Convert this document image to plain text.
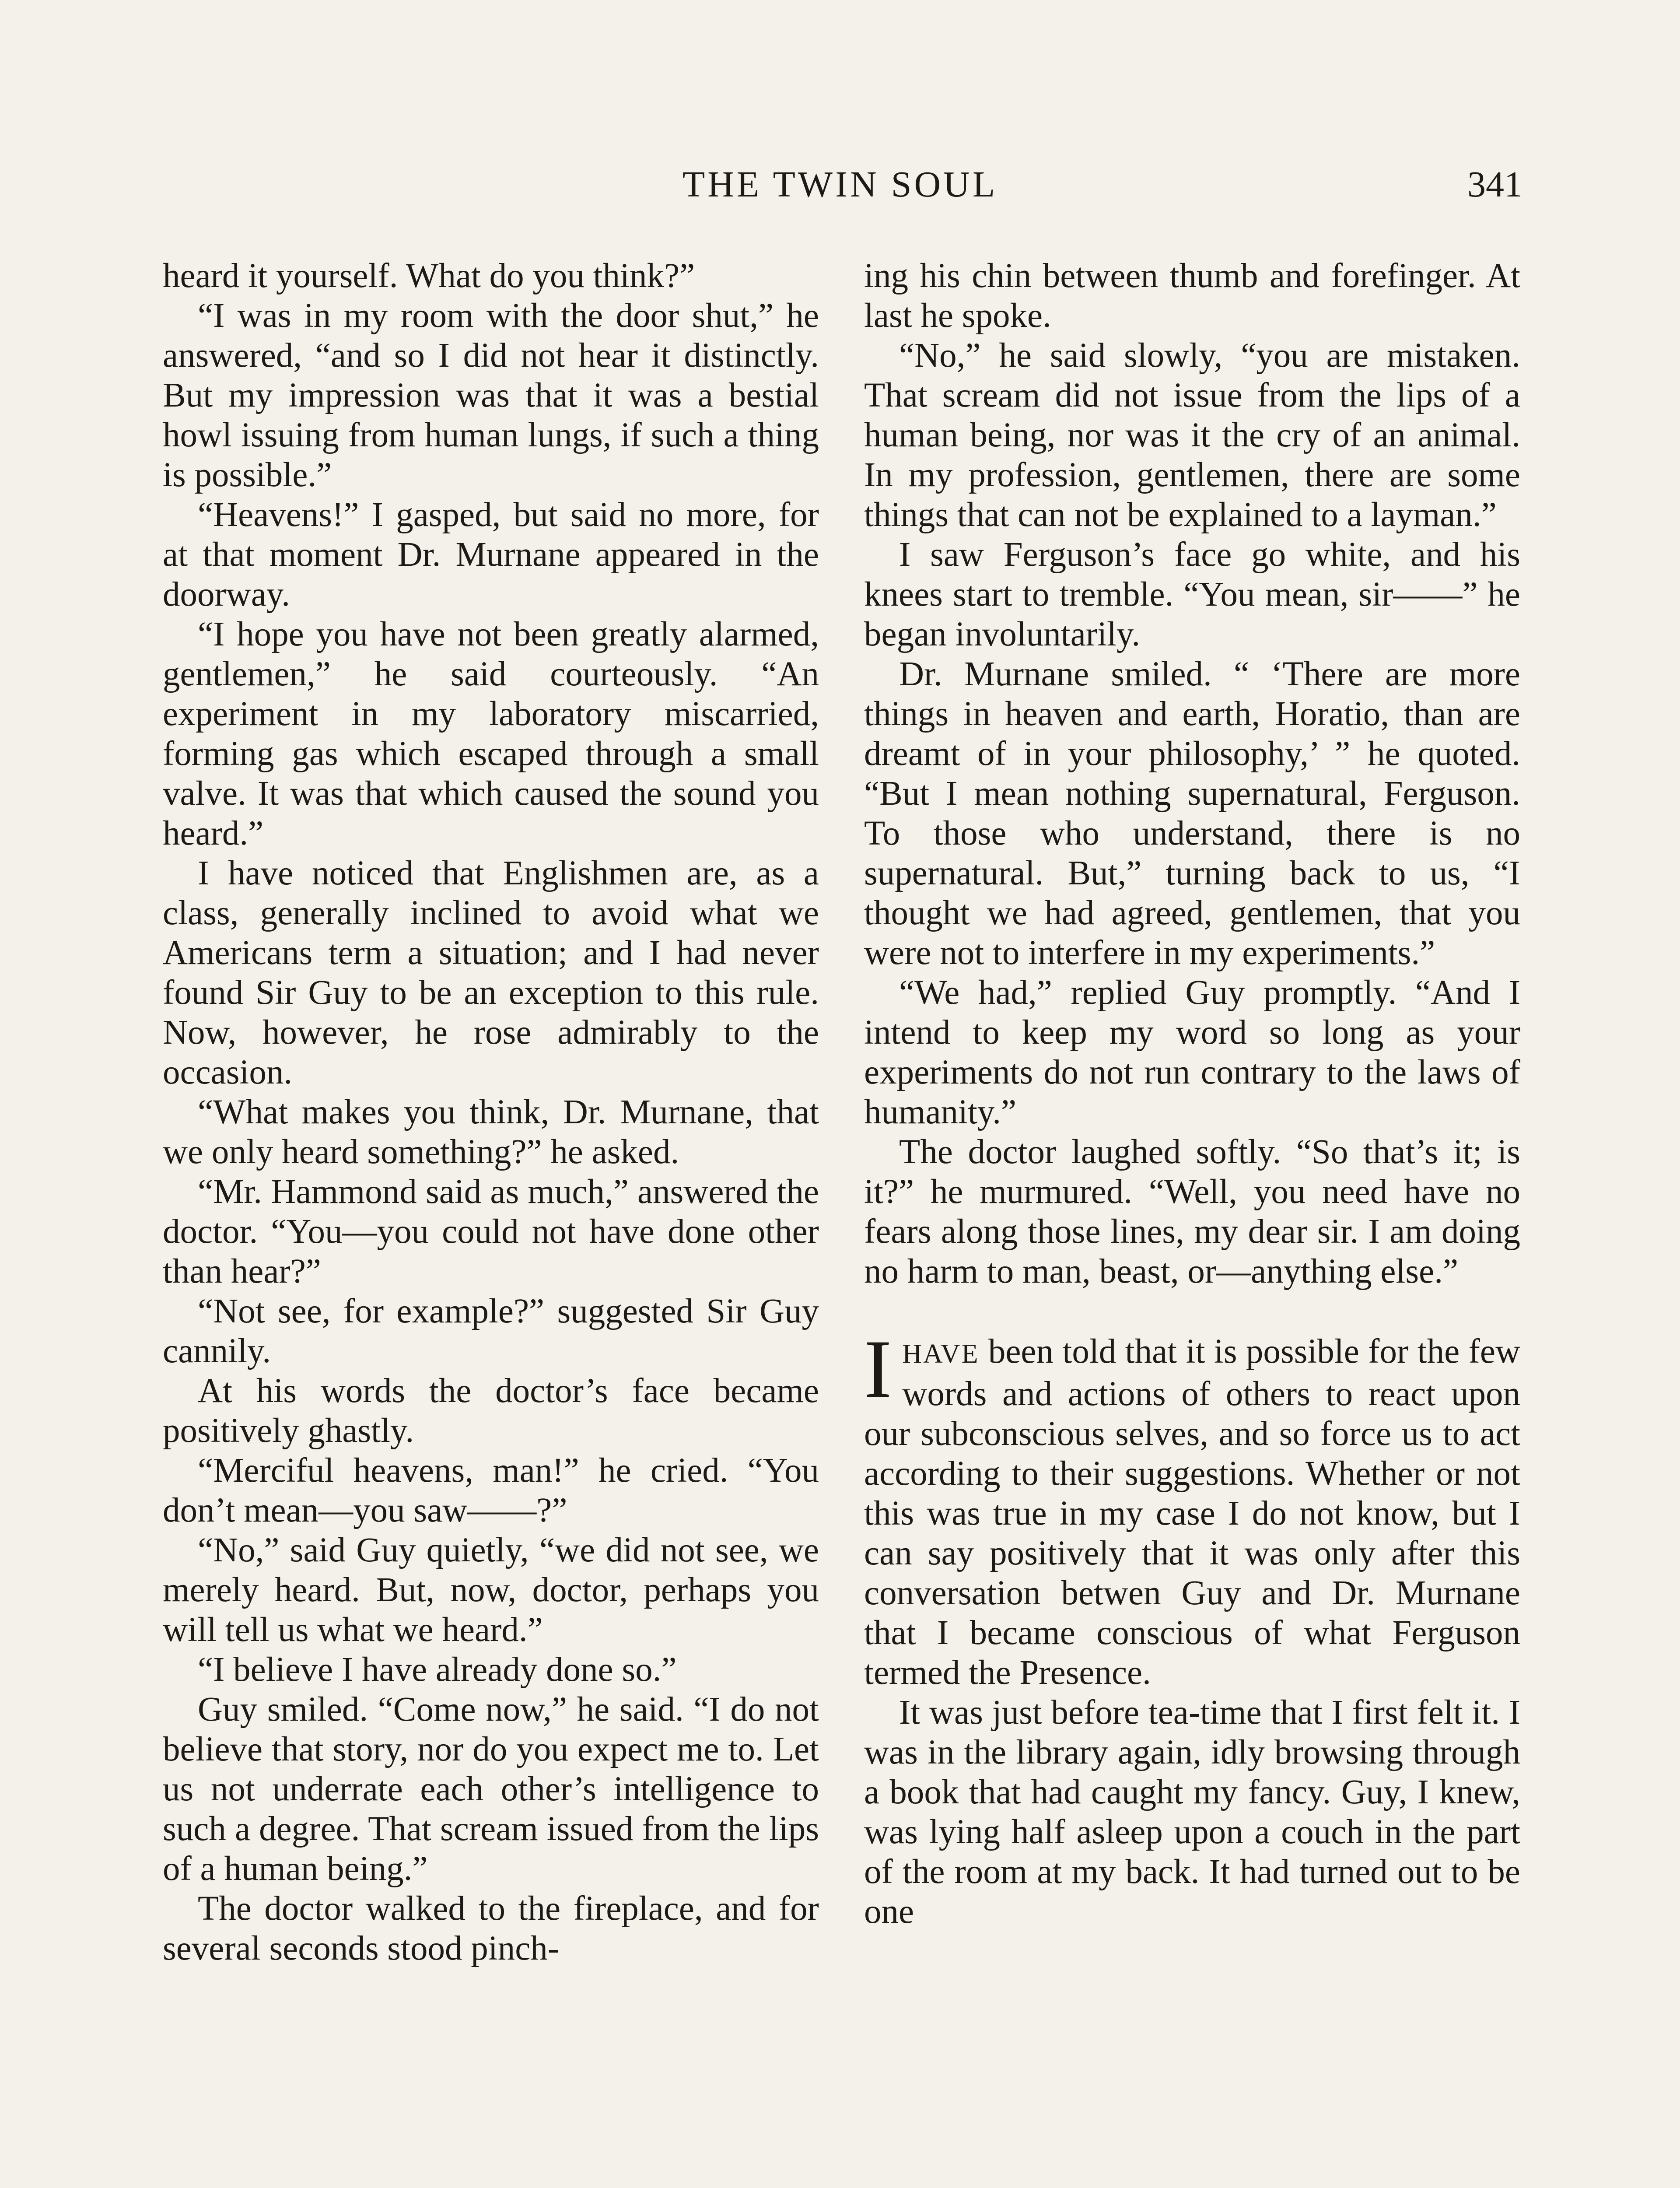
THE TWIN SOUL	341

heard it yourself. What do you think?”

“I was in my room with the door shut,” he answered, “and so I did not hear it distinctly. But my impression was that it was a bestial howl issuing from human lungs, if such a thing is possible.”

“Heavens!” I gasped, but said no more, for at that moment Dr. Murnane appeared in the doorway.

“I hope you have not been greatly alarmed, gentlemen,” he said courteously. “An experiment in my laboratory miscarried, forming gas which escaped through a small valve. It was that which caused the sound you heard.”

I have noticed that Englishmen are, as a class, generally inclined to avoid what we Americans term a situation; and I had never found Sir Guy to be an exception to this rule. Now, however, he rose admirably to the occasion.

“What makes you think, Dr. Murnane, that we only heard something?” he asked.

“Mr. Hammond said as much,” answered the doctor. “You—you could not have done other than hear?”

“Not see, for example?” suggested Sir Guy cannily.

At his words the doctor’s face became positively ghastly.

“Merciful heavens, man!” he cried. “You don’t mean—you saw——?”

“No,” said Guy quietly, “we did not see, we merely heard. But, now, doctor, perhaps you will tell us what we heard.”

“I believe I have already done so.”

Guy smiled. “Come now,” he said. “I do not believe that story, nor do you expect me to. Let us not underrate each other’s intelligence to such a degree. That scream issued from the lips of a human being.”

The doctor walked to the fireplace, and for several seconds stood pinch-

ing his chin between thumb and forefinger. At last he spoke.

“No,” he said slowly, “you are mistaken. That scream did not issue from the lips of a human being, nor was it the cry of an animal. In my profession, gentlemen, there are some things that can not be explained to a layman.”

I saw Ferguson’s face go white, and his knees start to tremble. “You mean, sir——” he began involuntarily.

Dr. Murnane smiled. “ ‘There are more things in heaven and earth, Horatio, than are dreamt of in your philosophy,’ ” he quoted. “But I mean nothing supernatural, Ferguson. To those who understand, there is no supernatural. But,” turning back to us, “I thought we had agreed, gentlemen, that you were not to interfere in my experiments.”

“We had,” replied Guy promptly. “And I intend to keep my word so long as your experiments do not run contrary to the laws of humanity.”

The doctor laughed softly. “So that’s it; is it?” he murmured. “Well, you need have no fears along those lines, my dear sir. I am doing no harm to man, beast, or—anything else.”

IHAVE been told that it is possible for the few words and actions of others to react upon our subconscious selves, and so force us to act according to their suggestions. Whether or not this was true in my case I do not know, but I can say positively that it was only after this conversation betwen Guy and Dr. Murnane that I became conscious of what Ferguson termed the Presence.

It was just before tea-time that I first felt it. I was in the library again, idly browsing through a book that had caught my fancy. Guy, I knew, was lying half asleep upon a couch in the part of the room at my back. It had turned out to be one
